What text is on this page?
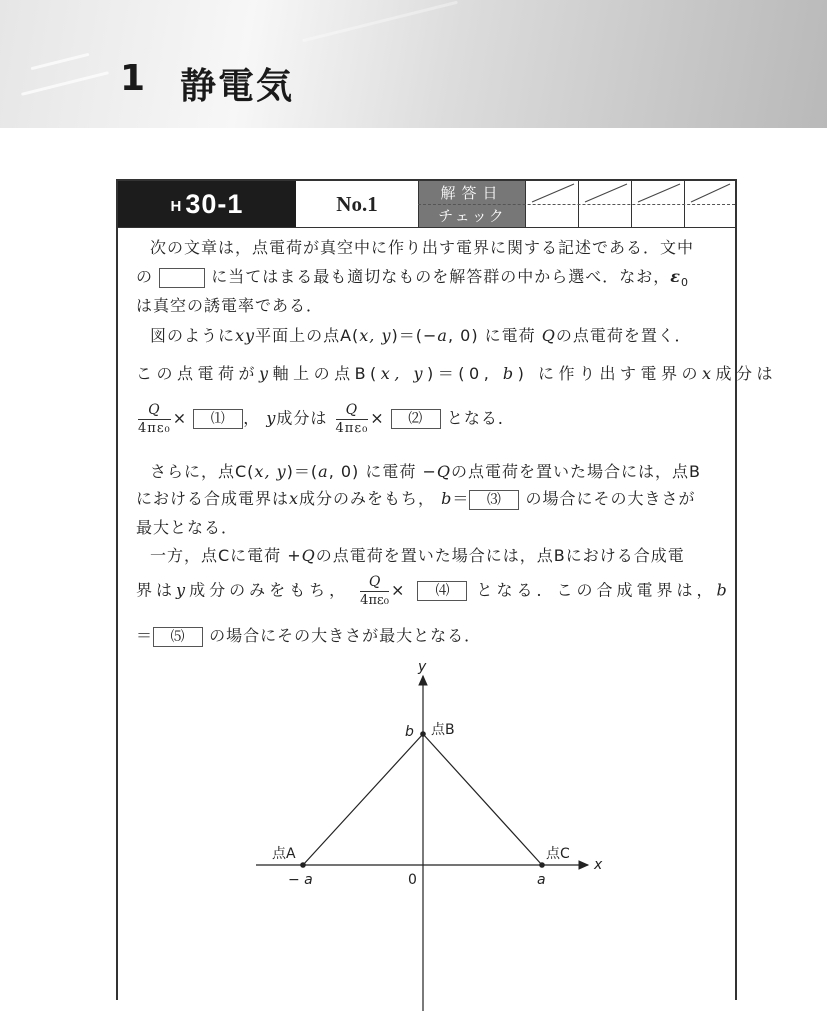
1 静電気
H 30-1	No.1	解答日
チェック
次の文章は，点電荷が真空中に作り出す電界に関する記述である．文中
の	に当てはまる最も適切なものを解答群の中から選べ．なお，$\varepsilon_0$
は真空の誘電率である．
図のようにxy平面上の点A(x, y)＝(−a, 0) に電荷 Qの点電荷を置く．
この点電荷がy軸上の点B(x, y)＝(0, b) に作り出す電界のx成分は
$\frac{Q}{\text{4πε₀}}$ × ⑴ ， y成分は $\frac{Q}{\text{4πε₀}}$ × ⑵ となる．
さらに，点C(x, y)＝(a, 0) に電荷 −Qの点電荷を置いた場合には，点B
における合成電界はx成分のみをもち， b＝ ⑶ の場合にその大きさが
最大となる．
一方，点Cに電荷 +Qの点電荷を置いた場合には，点Bにおける合成電
界はy成分のみをもち， $\frac{Q}{\text{4πε₀}}$ × ⑷ となる．この合成電界は，b
＝ ⑸ の場合にその大きさが最大となる．
x
y
b 点B
点A	点C
− a	0	a
